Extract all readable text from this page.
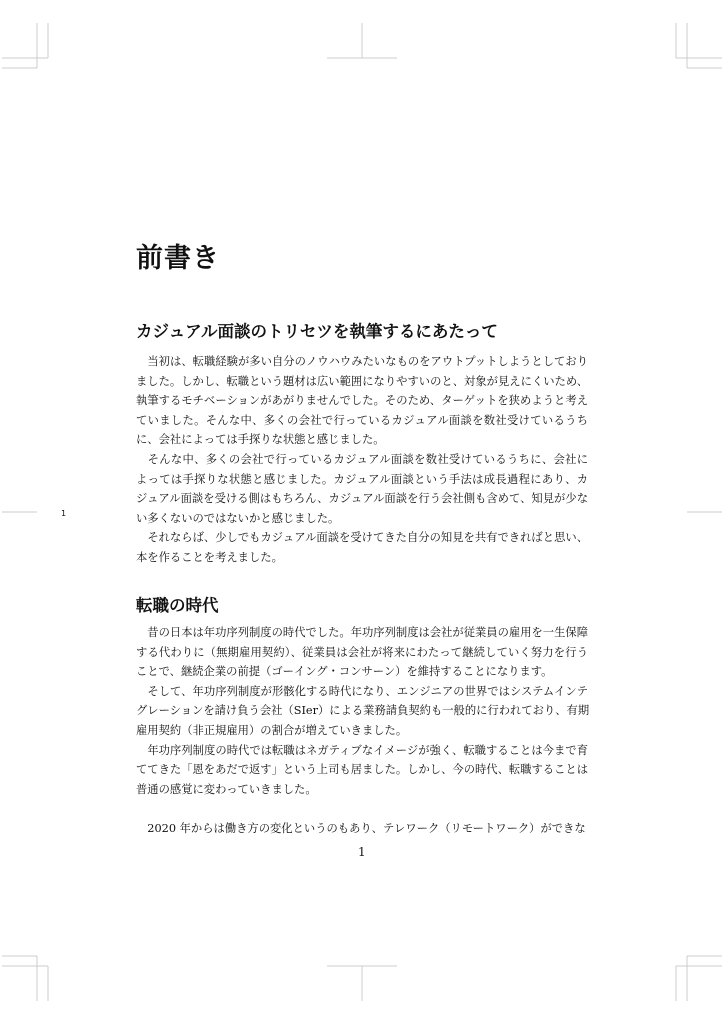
前書き
カジュアル面談のトリセツを執筆するにあたって
　当初は、転職経験が多い自分のノウハウみたいなものをアウトプットしようとしており
ました。しかし、転職という題材は広い範囲になりやすいのと、対象が見えにくいため、
執筆するモチベーションがあがりませんでした。そのため、ターゲットを狭めようと考え
ていました。そんな中、多くの会社で行っているカジュアル面談を数社受けているうち
に、会社によっては手探りな状態と感じました。
　そんな中、多くの会社で行っているカジュアル面談を数社受けているうちに、会社に
よっては手探りな状態と感じました。カジュアル面談という手法は成長過程にあり、カ
ジュアル面談を受ける側はもちろん、カジュアル面談を行う会社側も含めて、知見が少な
い多くないのではないかと感じました。
　それならば、少しでもカジュアル面談を受けてきた自分の知見を共有できればと思い、
本を作ることを考えました。
転職の時代
　昔の日本は年功序列制度の時代でした。年功序列制度は会社が従業員の雇用を一生保障
する代わりに（無期雇用契約）、従業員は会社が将来にわたって継続していく努力を行う
ことで、継続企業の前提（ゴーイング・コンサーン）を維持することになります。
　そして、年功序列制度が形骸化する時代になり、エンジニアの世界ではシステムインテ
グレーションを請け負う会社（SIer）による業務請負契約も一般的に行われており、有期
雇用契約（非正規雇用）の割合が増えていきました。
　年功序列制度の時代では転職はネガティブなイメージが強く、転職することは今まで育
ててきた「恩をあだで返す」という上司も居ました。しかし、今の時代、転職することは
普通の感覚に変わっていきました。
　2020 年からは働き方の変化というのもあり、テレワーク（リモートワーク）ができな
1
1
